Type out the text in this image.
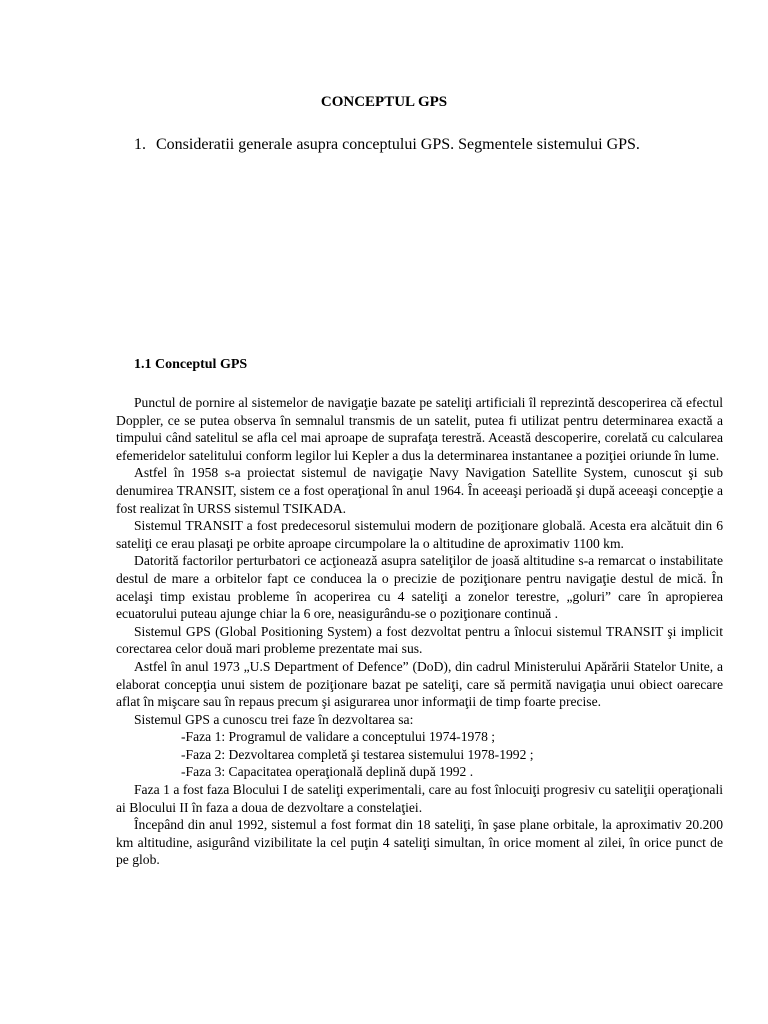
CONCEPTUL GPS
1. Consideratii generale asupra conceptului GPS. Segmentele sistemului GPS.
1.1 Conceptul GPS

Punctul de pornire al sistemelor de navigaţie bazate pe sateliţi artificiali îl reprezintă descoperirea că efectul Doppler, ce se putea observa în semnalul transmis de un satelit, putea fi utilizat pentru determinarea exactă a timpului când satelitul se afla cel mai aproape de suprafaţa terestră. Această descoperire, corelată cu calcularea efemeridelor satelitului conform legilor lui Kepler a dus la determinarea instantanee a poziţiei oriunde în lume.

Astfel în 1958 s-a proiectat sistemul de navigaţie Navy Navigation Satellite System, cunoscut şi sub denumirea TRANSIT, sistem ce a fost operaţional în anul 1964. În aceeaşi perioadă şi după aceeaşi concepţie a fost realizat în URSS sistemul TSIKADA.

Sistemul TRANSIT a fost predecesorul sistemului modern de poziţionare globală. Acesta era alcătuit din 6 sateliţi ce erau plasaţi pe orbite aproape circumpolare la o altitudine de aproximativ 1100 km.

Datorită factorilor perturbatori ce acţionează asupra sateliţilor de joasă altitudine s-a remarcat o instabilitate destul de mare a orbitelor fapt ce conducea la o precizie de poziţionare pentru navigaţie destul de mică. În acelaşi timp existau probleme în acoperirea cu 4 sateliţi a zonelor terestre, „goluri” care în apropierea ecuatorului puteau ajunge chiar la 6 ore, neasigurându-se o poziţionare continuă .

Sistemul GPS (Global Positioning System) a fost dezvoltat pentru a înlocui sistemul TRANSIT şi implicit corectarea celor două mari probleme prezentate mai sus.

Astfel în anul 1973 „U.S Department of Defence” (DoD), din cadrul Ministerului Apărării Statelor Unite, a elaborat concepţia unui sistem de poziţionare bazat pe sateliţi, care să permită navigaţia unui obiect oarecare aflat în mişcare sau în repaus precum şi asigurarea unor informaţii de timp foarte precise.

Sistemul GPS a cunoscu trei faze în dezvoltarea sa:

-Faza 1: Programul de validare a conceptului 1974-1978 ;

-Faza 2: Dezvoltarea completă şi testarea sistemului 1978-1992 ;

-Faza 3: Capacitatea operaţională deplină după 1992 .

Faza 1 a fost faza Blocului I de sateliţi experimentali, care au fost înlocuiţi progresiv cu sateliţii operaţionali ai Blocului II în faza a doua de dezvoltare a constelaţiei.

Începând din anul 1992, sistemul a fost format din 18 sateliţi, în şase plane orbitale, la aproximativ 20.200 km altitudine, asigurând vizibilitate la cel puţin 4 sateliţi simultan, în orice moment al zilei, în orice punct de pe glob.
